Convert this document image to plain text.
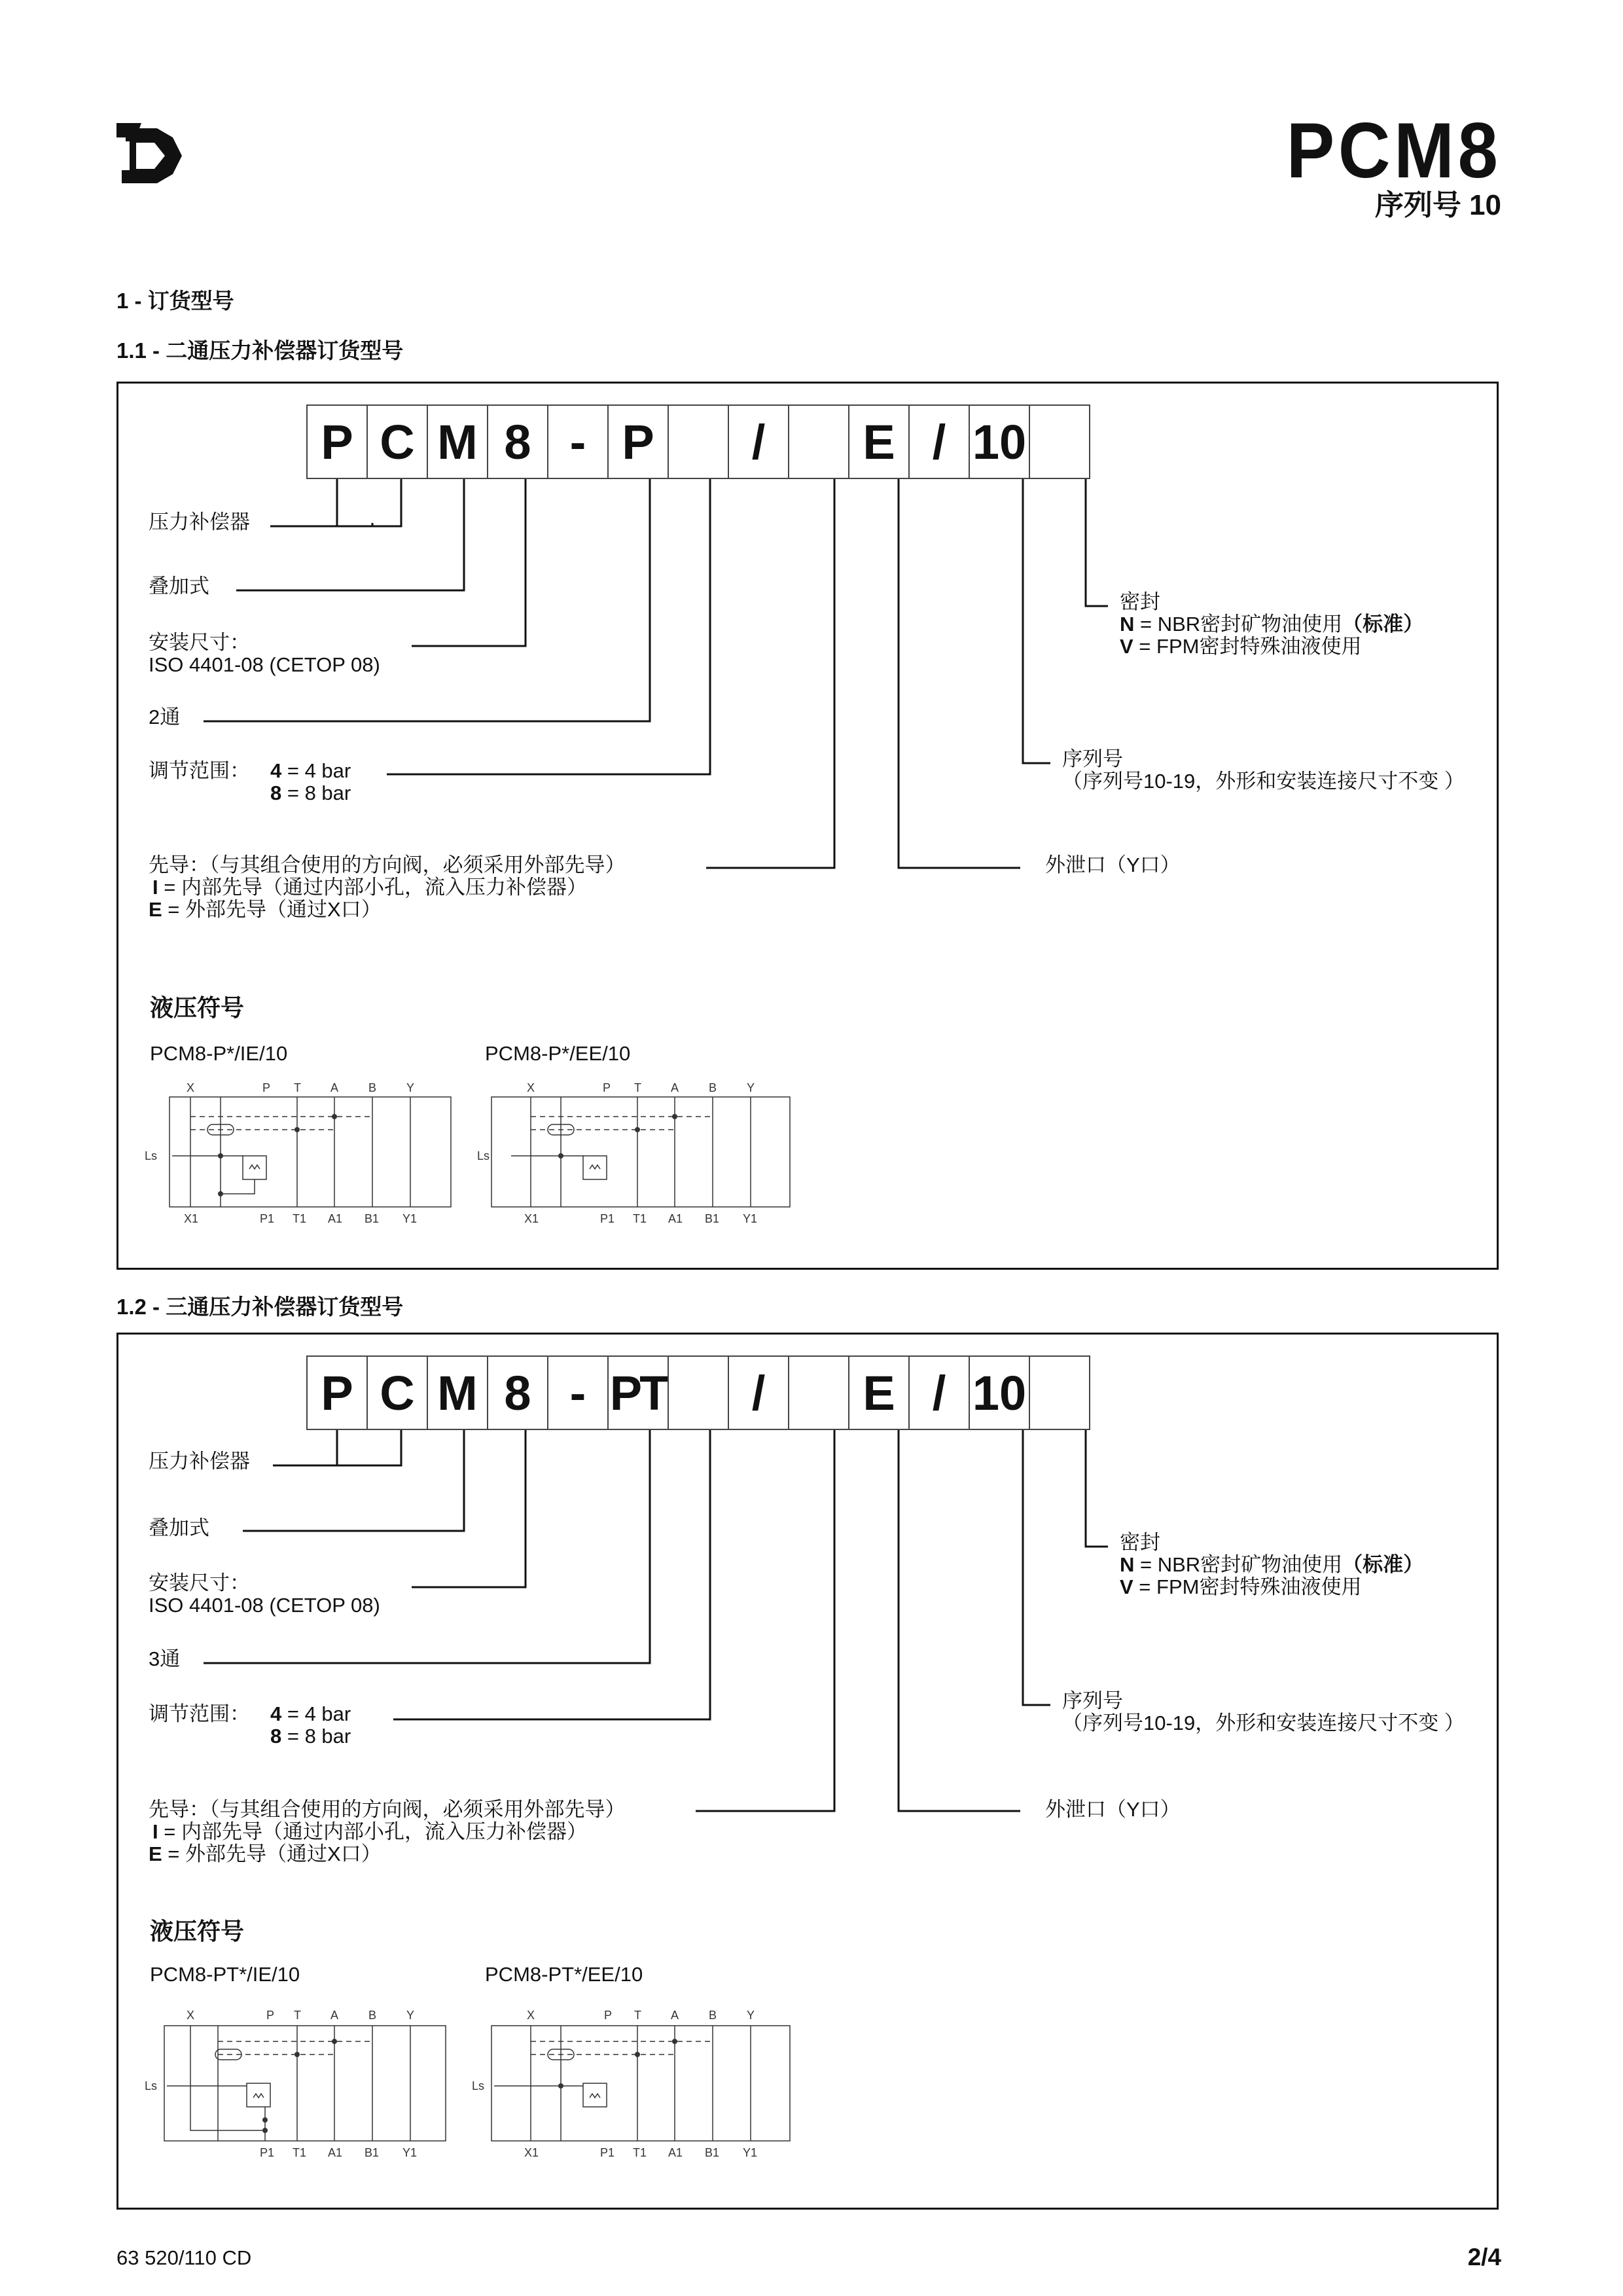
PCM8
序列号 10
1 - 订货型号
1.1 - 二通压力补偿器订货型号
P C M 8 - P	/	E / 10
压力补偿器
叠加式
安装尺寸：
ISO 4401-08 (CETOP 08)
2通
调节范围： 4 = 4 bar
8 = 8 bar
先导：（与其组合使用的方向阀，必须采用外部先导）
I = 内部先导（通过内部小孔，流入压力补偿器）
E = 外部先导（通过X口）
外泄口（Y口）
密封
N = NBR密封矿物油使用（标准）
V = FPM密封特殊油液使用
序列号
（序列号10-19，外形和安装连接尺寸不变 ）
液压符号
PCM8-P*/IE/10	PCM8-P*/EE/10
X	P T	A	B	Y
Ls
X1	P1 T1 A1 B1 Y1
X	P T	A	B	Y
Ls
X1	P1 T1 A1 B1 Y1
1.2 - 三通压力补偿器订货型号
P C M 8 - PT	/	E / 10
压力补偿器
叠加式
安装尺寸：
ISO 4401-08 (CETOP 08)
3通
调节范围： 4 = 4 bar
8 = 8 bar
先导：（与其组合使用的方向阀，必须采用外部先导）
I = 内部先导（通过内部小孔，流入压力补偿器）
E = 外部先导（通过X口）
外泄口（Y口）
密封
N = NBR密封矿物油使用（标准）
V = FPM密封特殊油液使用
序列号
（序列号10-19，外形和安装连接尺寸不变 ）
液压符号
PCM8-PT*/IE/10	PCM8-PT*/EE/10
X	P T	A	B	Y
Ls
P1 T1 A1 B1 Y1
X	P T	A	B	Y
Ls
X1	P1 T1 A1 B1 Y1
63 520/110 CD	2/4
